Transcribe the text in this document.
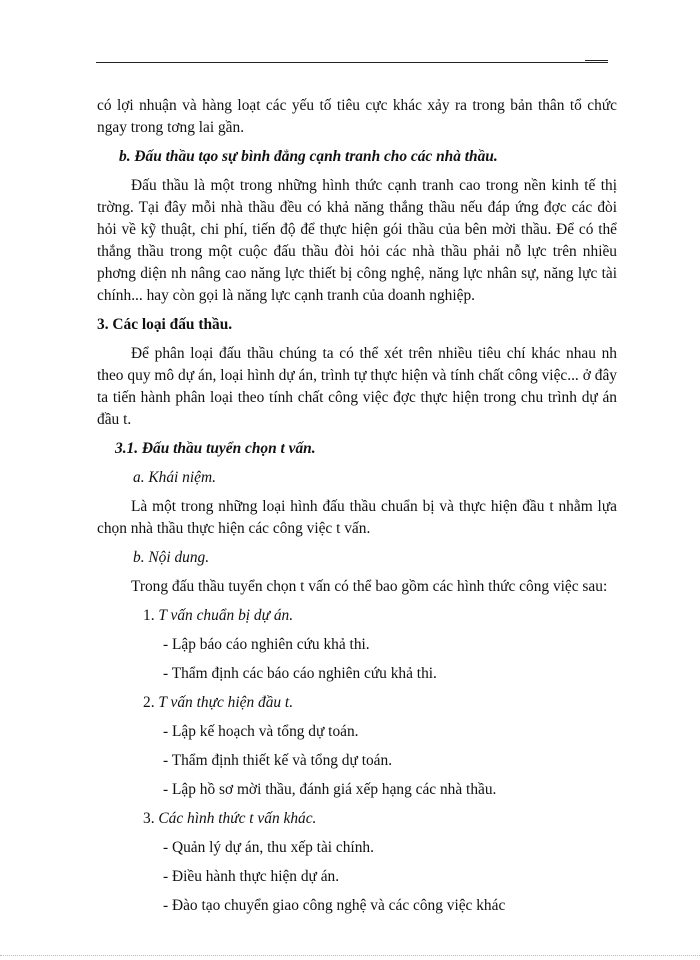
có lợi nhuận và hàng loạt các yếu tố tiêu cực khác xảy ra trong bản thân tổ chức ngay trong tơng lai gần.

b. Đấu thầu tạo sự bình đẳng cạnh tranh cho các nhà thầu.

Đấu thầu là một trong những hình thức cạnh tranh cao trong nền kinh tế thị trờng. Tại đây mỗi nhà thầu đều có khả năng thắng thầu nếu đáp ứng đợc các đòi hỏi về kỹ thuật, chi phí, tiến độ để thực hiện gói thầu của bên mời thầu. Để có thể thắng thầu trong một cuộc đấu thầu đòi hỏi các nhà thầu phải nỗ lực trên nhiều phơng diện nh nâng cao năng lực thiết bị công nghệ, năng lực nhân sự, năng lực tài chính... hay còn gọi là năng lực cạnh tranh của doanh nghiệp.

3. Các loại đấu thầu.

Để phân loại đấu thầu chúng ta có thể xét trên nhiều tiêu chí khác nhau nh theo quy mô dự án, loại hình dự án, trình tự thực hiện và tính chất công việc... ở đây ta tiến hành phân loại theo tính chất công việc đợc thực hiện trong chu trình dự án đầu t.

3.1. Đấu thầu tuyển chọn t vấn.

a. Khái niệm.

Là một trong những loại hình đấu thầu chuẩn bị và thực hiện đầu t nhằm lựa chọn nhà thầu thực hiện các công việc t vấn.

b. Nội dung.

Trong đấu thầu tuyển chọn t vấn có thể bao gồm các hình thức công việc sau:

1. T vấn chuẩn bị dự án.
- Lập báo cáo nghiên cứu khả thi.
- Thẩm định các báo cáo nghiên cứu khả thi.
2. T vấn thực hiện đầu t.
- Lập kế hoạch và tổng dự toán.
- Thẩm định thiết kế và tổng dự toán.
- Lập hồ sơ mời thầu, đánh giá xếp hạng các nhà thầu.
3. Các hình thức t vấn khác.
- Quản lý dự án, thu xếp tài chính.
- Điều hành thực hiện dự án.
- Đào tạo chuyển giao công nghệ và các công việc khác
